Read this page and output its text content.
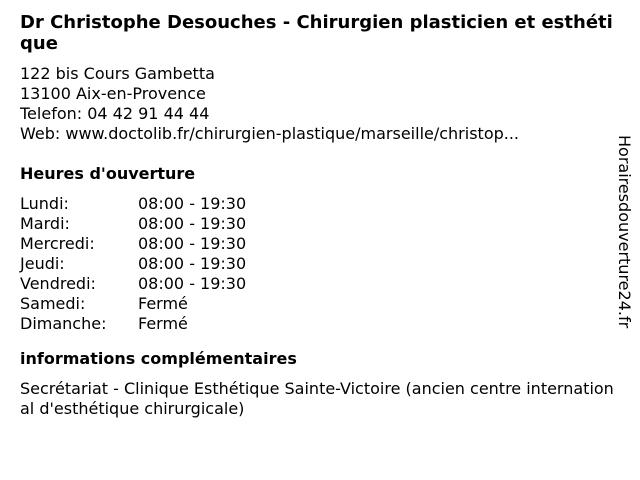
Dr Christophe Desouches - Chirurgien plasticien et esthétique
122 bis Cours Gambetta
13100 Aix-en-Provence
Telefon: 04 42 91 44 44
Web: www.doctolib.fr/chirurgien-plastique/marseille/christop...
Heures d'ouverture
Lundi:	08:00 - 19:30
Mardi:	08:00 - 19:30
Mercredi:	08:00 - 19:30
Jeudi:	08:00 - 19:30
Vendredi:	08:00 - 19:30
Samedi:	Fermé
Dimanche:	Fermé
informations complémentaires
Secrétariat - Clinique Esthétique Sainte-Victoire (ancien centre international d'esthétique chirurgicale)
Horairesdouverture24.fr
